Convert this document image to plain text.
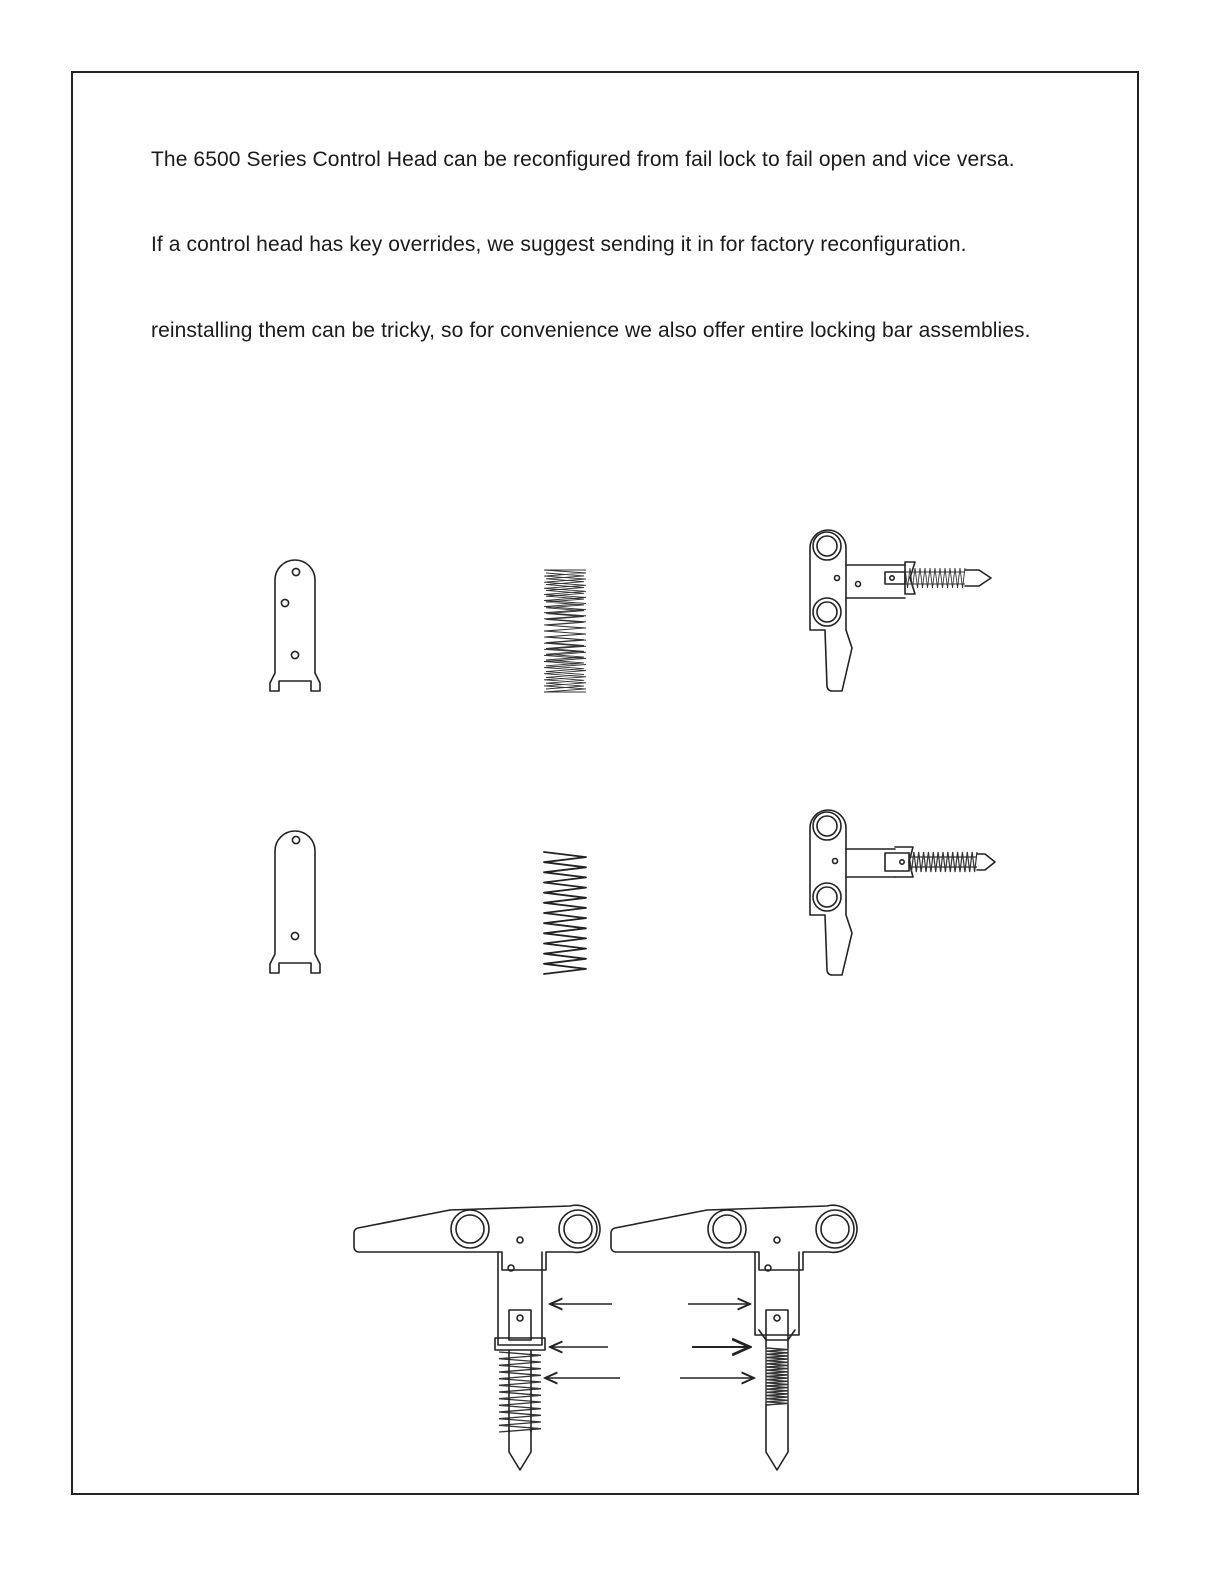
The 6500 Series Control Head can be reconfigured from fail lock to fail open and vice versa.
If a control head has key overrides, we suggest sending it in for factory reconfiguration.
reinstalling them can be tricky, so for convenience we also offer entire locking bar assemblies.
